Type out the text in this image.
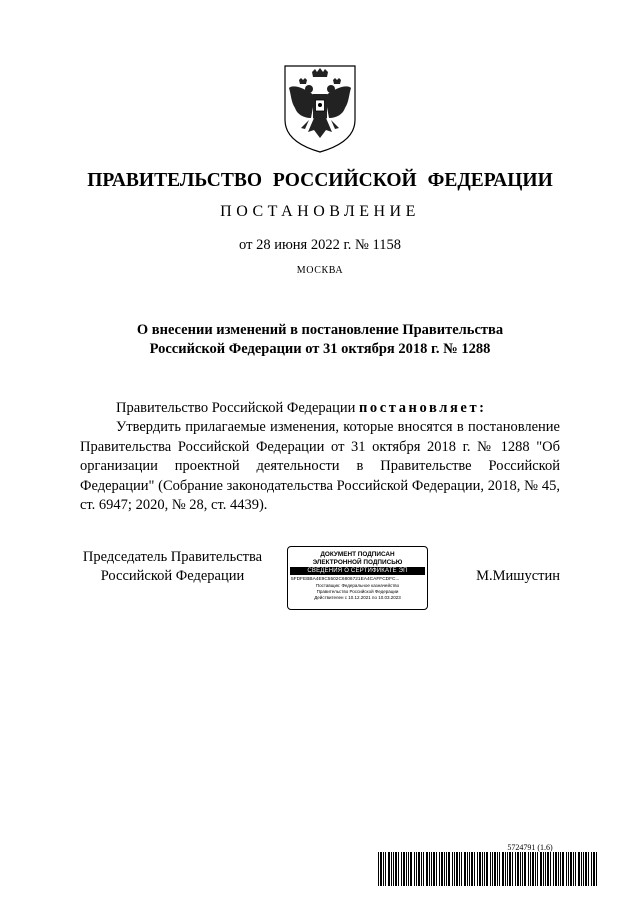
ПРАВИТЕЛЬСТВО РОССИЙСКОЙ ФЕДЕРАЦИИ
ПОСТАНОВЛЕНИЕ
от 28 июня 2022 г. № 1158
МОСКВА
О внесении изменений в постановление Правительства
Российской Федерации от 31 октября 2018 г. № 1288
Правительство Российской Федерации постановляет:
Утвердить прилагаемые изменения, которые вносятся в постановление Правительства Российской Федерации от 31 октября 2018 г. № 1288 "Об организации проектной деятельности в Правительстве Российской Федерации" (Собрание законодательства Российской Федерации, 2018, № 45, ст. 6947; 2020, № 28, ст. 4439).
Председатель Правительства
Российской Федерации
ДОКУМЕНТ ПОДПИСАН
ЭЛЕКТРОННОЙ ПОДПИСЬЮ
СВЕДЕНИЯ О СЕРТИФИКАТЕ ЭП
5FDFEBBA4E9C5502C6806721EA4CAFFCDFC...
Поставщик: Федеральное казначейство
Правительство Российской Федерации
Действителен с 10.12.2021 по 10.03.2023
М.Мишустин
5724791 (1.6)
